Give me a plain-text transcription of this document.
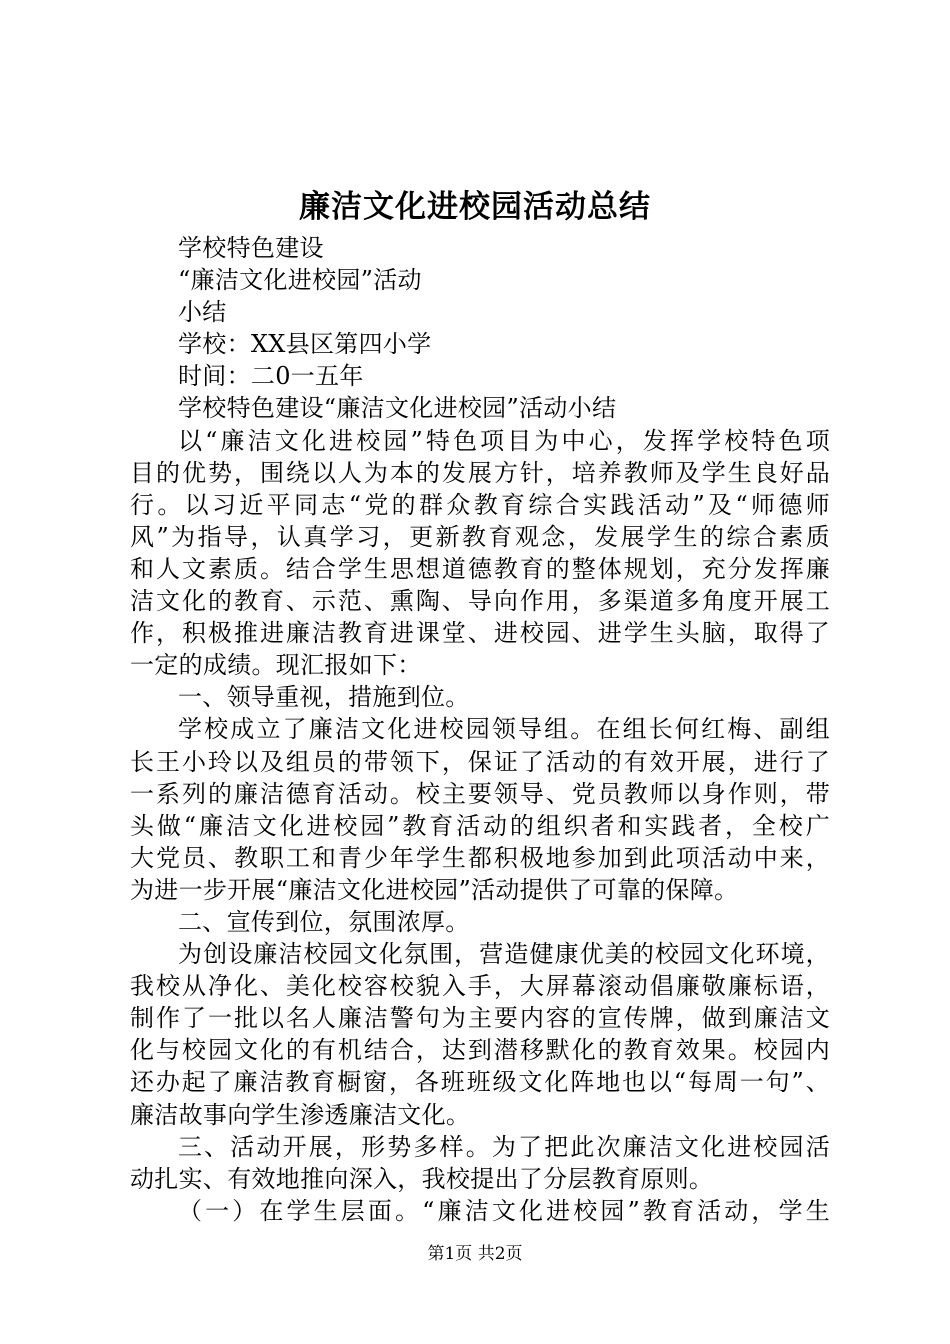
廉洁文化进校园活动总结
学校特色建设
“廉洁文化进校园”活动
小结
学校：XX县区第四小学
时间：二0一五年
学校特色建设“廉洁文化进校园”活动小结
以“廉洁文化进校园”特色项目为中心，发挥学校特色项
目的优势，围绕以人为本的发展方针，培养教师及学生良好品
行。以习近平同志“党的群众教育综合实践活动”及“师德师
风”为指导，认真学习，更新教育观念，发展学生的综合素质
和人文素质。结合学生思想道德教育的整体规划，充分发挥廉
洁文化的教育、示范、熏陶、导向作用，多渠道多角度开展工
作，积极推进廉洁教育进课堂、进校园、进学生头脑，取得了
一定的成绩。现汇报如下：
一、领导重视，措施到位。
学校成立了廉洁文化进校园领导组。在组长何红梅、副组
长王小玲以及组员的带领下，保证了活动的有效开展，进行了
一系列的廉洁德育活动。校主要领导、党员教师以身作则，带
头做“廉洁文化进校园”教育活动的组织者和实践者，全校广
大党员、教职工和青少年学生都积极地参加到此项活动中来，
为进一步开展“廉洁文化进校园”活动提供了可靠的保障。
二、宣传到位，氛围浓厚。
为创设廉洁校园文化氛围，营造健康优美的校园文化环境，
我校从净化、美化校容校貌入手，大屏幕滚动倡廉敬廉标语，
制作了一批以名人廉洁警句为主要内容的宣传牌，做到廉洁文
化与校园文化的有机结合，达到潜移默化的教育效果。校园内
还办起了廉洁教育橱窗，各班班级文化阵地也以“每周一句”、
廉洁故事向学生渗透廉洁文化。
三、活动开展，形势多样。为了把此次廉洁文化进校园活
动扎实、有效地推向深入，我校提出了分层教育原则。
（一）在学生层面。“廉洁文化进校园”教育活动，学生
第1页 共2页
